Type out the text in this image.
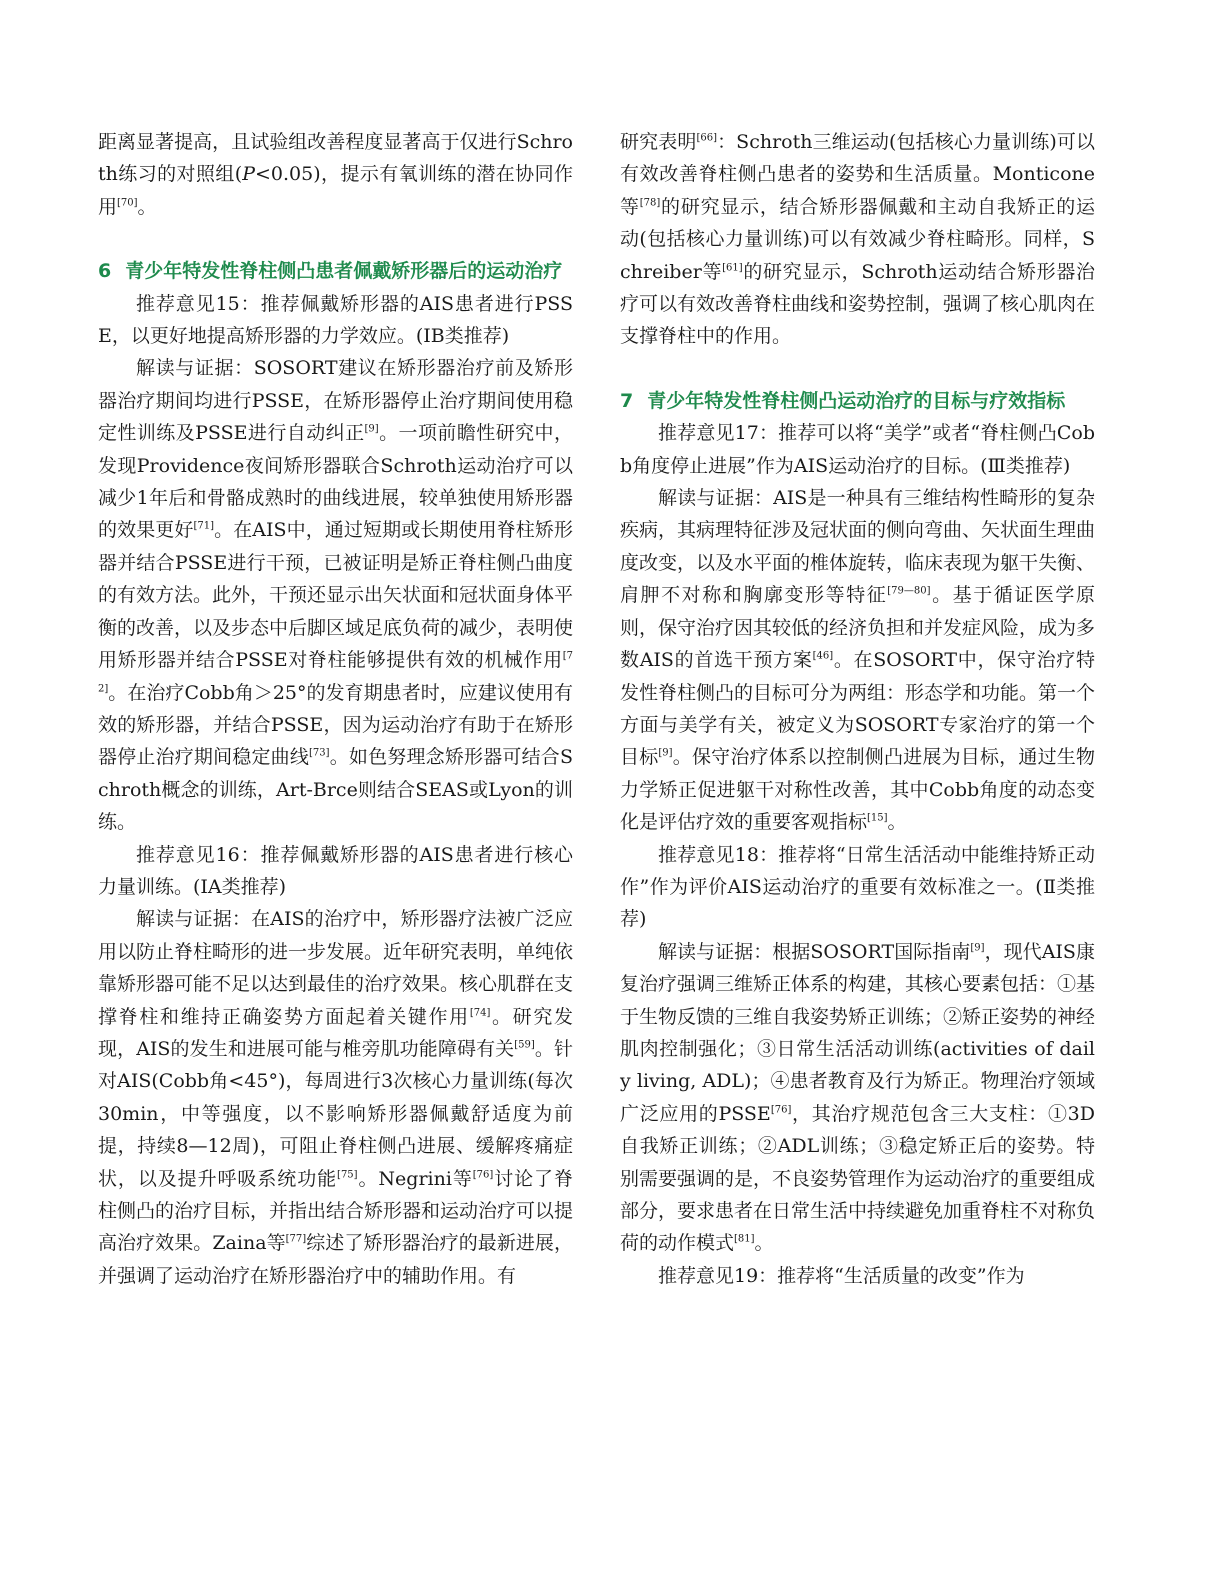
距离显著提高，且试验组改善程度显著高于仅进行Schroth练习的对照组(P<0.05)，提示有氧训练的潜在协同作用[70]。

6 青少年特发性脊柱侧凸患者佩戴矫形器后的运动治疗

推荐意见15：推荐佩戴矫形器的AIS患者进行PSSE，以更好地提高矫形器的力学效应。(ⅠB类推荐)

解读与证据：SOSORT建议在矫形器治疗前及矫形器治疗期间均进行PSSE，在矫形器停止治疗期间使用稳定性训练及PSSE进行自动纠正[9]。一项前瞻性研究中，发现Providence夜间矫形器联合Schroth运动治疗可以减少1年后和骨骼成熟时的曲线进展，较单独使用矫形器的效果更好[71]。在AIS中，通过短期或长期使用脊柱矫形器并结合PSSE进行干预，已被证明是矫正脊柱侧凸曲度的有效方法。此外，干预还显示出矢状面和冠状面身体平衡的改善，以及步态中后脚区域足底负荷的减少，表明使用矫形器并结合PSSE对脊柱能够提供有效的机械作用[72]。在治疗Cobb角＞25°的发育期患者时，应建议使用有效的矫形器，并结合PSSE，因为运动治疗有助于在矫形器停止治疗期间稳定曲线[73]。如色努理念矫形器可结合Schroth概念的训练，Art-Brce则结合SEAS或Lyon的训练。

推荐意见16：推荐佩戴矫形器的AIS患者进行核心力量训练。(ⅠA类推荐)

解读与证据：在AIS的治疗中，矫形器疗法被广泛应用以防止脊柱畸形的进一步发展。近年研究表明，单纯依靠矫形器可能不足以达到最佳的治疗效果。核心肌群在支撑脊柱和维持正确姿势方面起着关键作用[74]。研究发现，AIS的发生和进展可能与椎旁肌功能障碍有关[59]。针对AIS(Cobb角<45°)，每周进行3次核心力量训练(每次30min，中等强度，以不影响矫形器佩戴舒适度为前提，持续8—12周)，可阻止脊柱侧凸进展、缓解疼痛症状，以及提升呼吸系统功能[75]。Negrini等[76]讨论了脊柱侧凸的治疗目标，并指出结合矫形器和运动治疗可以提高治疗效果。Zaina等[77]综述了矫形器治疗的最新进展，并强调了运动治疗在矫形器治疗中的辅助作用。有

研究表明[66]：Schroth三维运动(包括核心力量训练)可以有效改善脊柱侧凸患者的姿势和生活质量。Monticone等[78]的研究显示，结合矫形器佩戴和主动自我矫正的运动(包括核心力量训练)可以有效减少脊柱畸形。同样，Schreiber等[61]的研究显示，Schroth运动结合矫形器治疗可以有效改善脊柱曲线和姿势控制，强调了核心肌肉在支撑脊柱中的作用。

7 青少年特发性脊柱侧凸运动治疗的目标与疗效指标

推荐意见17：推荐可以将“美学”或者“脊柱侧凸Cobb角度停止进展”作为AIS运动治疗的目标。(Ⅲ类推荐)

解读与证据：AIS是一种具有三维结构性畸形的复杂疾病，其病理特征涉及冠状面的侧向弯曲、矢状面生理曲度改变，以及水平面的椎体旋转，临床表现为躯干失衡、肩胛不对称和胸廓变形等特征[79—80]。基于循证医学原则，保守治疗因其较低的经济负担和并发症风险，成为多数AIS的首选干预方案[46]。在SOSORT中，保守治疗特发性脊柱侧凸的目标可分为两组：形态学和功能。第一个方面与美学有关，被定义为SOSORT专家治疗的第一个目标[9]。保守治疗体系以控制侧凸进展为目标，通过生物力学矫正促进躯干对称性改善，其中Cobb角度的动态变化是评估疗效的重要客观指标[15]。

推荐意见18：推荐将“日常生活活动中能维持矫正动作”作为评价AIS运动治疗的重要有效标准之一。(Ⅱ类推荐)

解读与证据：根据SOSORT国际指南[9]，现代AIS康复治疗强调三维矫正体系的构建，其核心要素包括：①基于生物反馈的三维自我姿势矫正训练；②矫正姿势的神经肌肉控制强化；③日常生活活动训练(activities of daily living, ADL)；④患者教育及行为矫正。物理治疗领域广泛应用的PSSE[76]，其治疗规范包含三大支柱：①3D自我矫正训练；②ADL训练；③稳定矫正后的姿势。特别需要强调的是，不良姿势管理作为运动治疗的重要组成部分，要求患者在日常生活中持续避免加重脊柱不对称负荷的动作模式[81]。

推荐意见19：推荐将“生活质量的改变”作为
